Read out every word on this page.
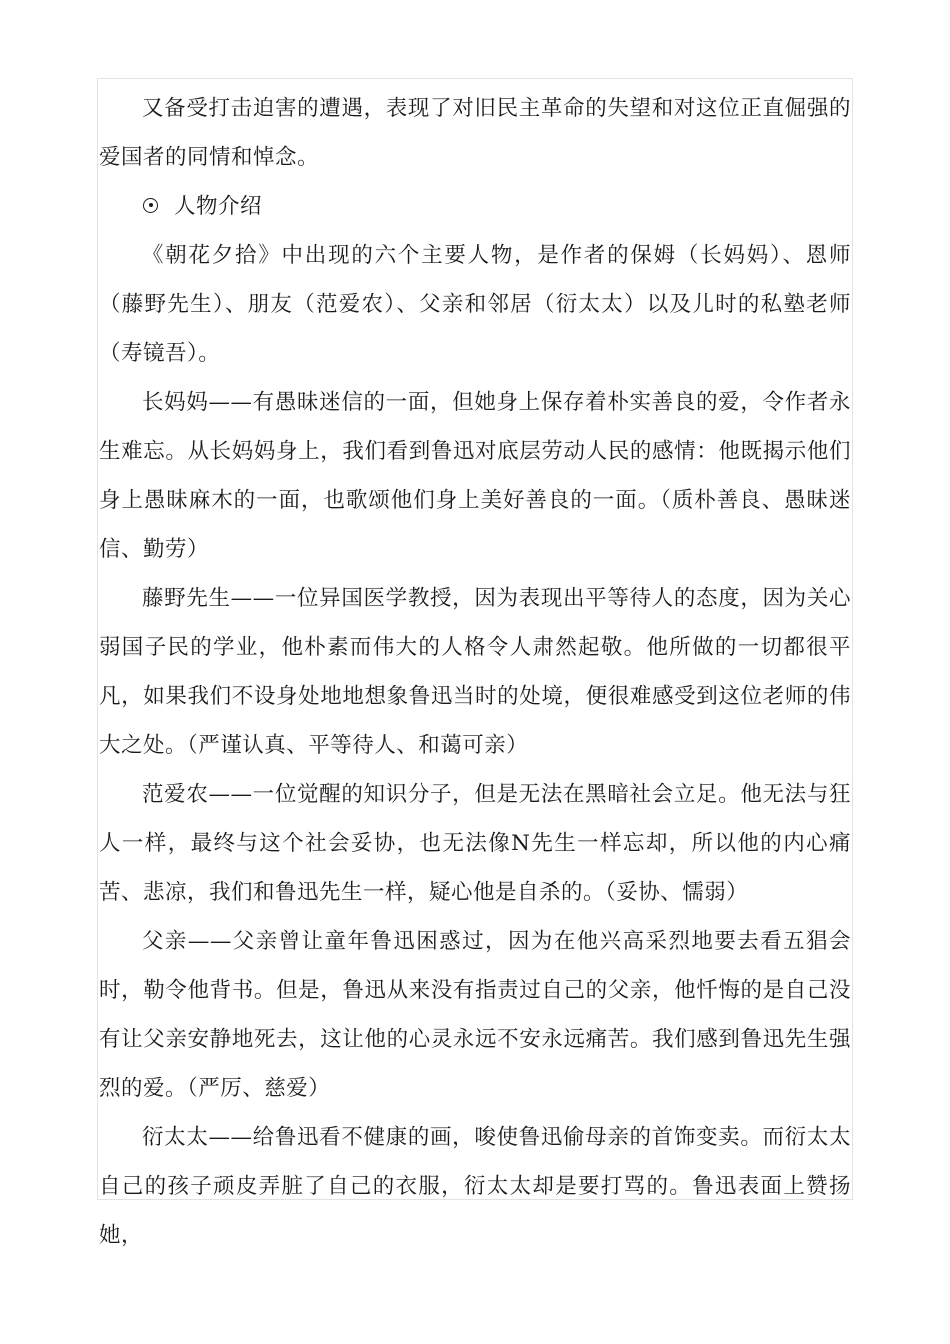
又备受打击迫害的遭遇，表现了对旧民主革命的失望和对这位正直倔强的爱国者的同情和悼念。

人物介绍

《朝花夕拾》中出现的六个主要人物，是作者的保姆（长妈妈）、恩师（藤野先生）、朋友（范爱农）、父亲和邻居（衍太太）以及儿时的私塾老师（寿镜吾）。

长妈妈——有愚昧迷信的一面，但她身上保存着朴实善良的爱，令作者永生难忘。从长妈妈身上，我们看到鲁迅对底层劳动人民的感情：他既揭示他们身上愚昧麻木的一面，也歌颂他们身上美好善良的一面。（质朴善良、愚昧迷信、勤劳）

藤野先生——一位异国医学教授，因为表现出平等待人的态度，因为关心弱国子民的学业，他朴素而伟大的人格令人肃然起敬。他所做的一切都很平凡，如果我们不设身处地地想象鲁迅当时的处境，便很难感受到这位老师的伟大之处。（严谨认真、平等待人、和蔼可亲）

范爱农——一位觉醒的知识分子，但是无法在黑暗社会立足。他无法与狂人一样，最终与这个社会妥协，也无法像N先生一样忘却，所以他的内心痛苦、悲凉，我们和鲁迅先生一样，疑心他是自杀的。（妥协、懦弱）

父亲——父亲曾让童年鲁迅困惑过，因为在他兴高采烈地要去看五猖会时，勒令他背书。但是，鲁迅从来没有指责过自己的父亲，他忏悔的是自己没有让父亲安静地死去，这让他的心灵永远不安永远痛苦。我们感到鲁迅先生强烈的爱。（严厉、慈爱）

衍太太——给鲁迅看不健康的画，唆使鲁迅偷母亲的首饰变卖。而衍太太自己的孩子顽皮弄脏了自己的衣服，衍太太却是要打骂的。鲁迅表面上赞扬她，
